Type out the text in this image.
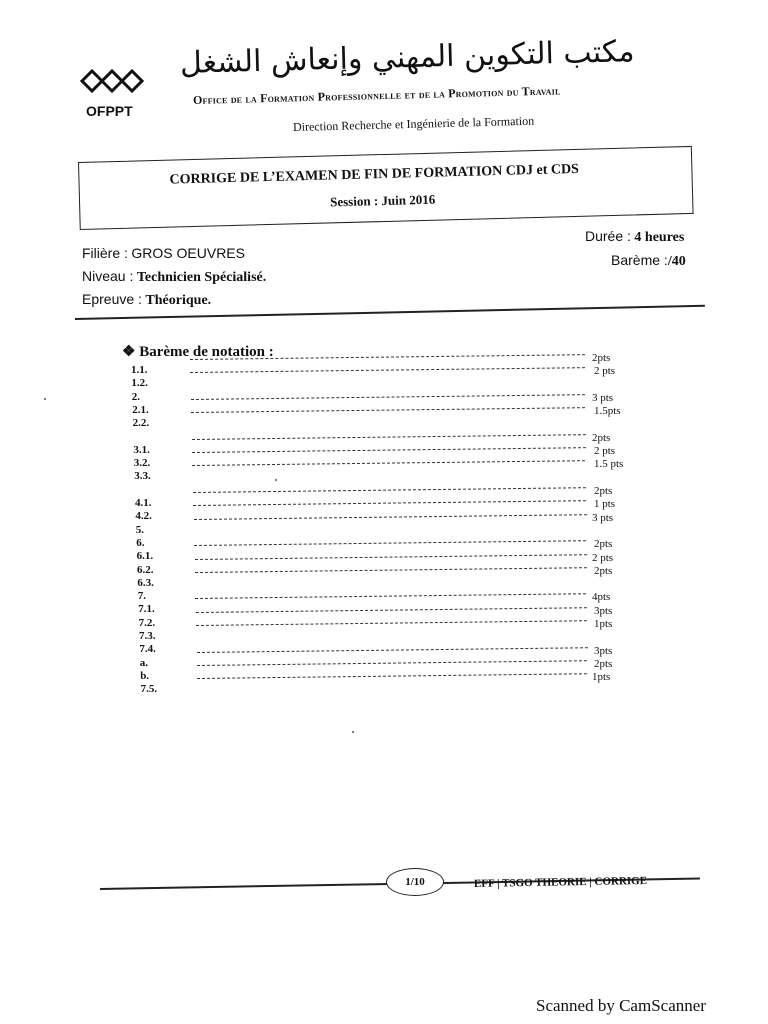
OFPPT
مكتب التكوين المهني وإنعاش الشغل
Office de la Formation Professionnelle et de la Promotion du Travail
Direction Recherche et Ingénierie de la Formation
CORRIGE DE L’EXAMEN DE FIN DE FORMATION CDJ et CDS
Session : Juin 2016
Filière : GROS OEUVRES
Niveau : Technicien Spécialisé.
Epreuve : Théorique.
Durée : 4 heures
Barème :/40
❖ Barème de notation :
1.1.
2pts
1.2.
2 pts
2.
2.1.
3 pts
2.2.
1.5pts
3.1.
2pts
3.2.
2 pts
3.3.
1.5 pts
4.1.
2pts
4.2.
1 pts
5.
3 pts
6.
6.1.
2pts
6.2.
2 pts
6.3.
2pts
7.
7.1.
4pts
7.2.
3pts
7.3.
1pts
7.4.
a.
3pts
b.
2pts
7.5.
1pts
1/10	EFF | TSGO THEORIE | CORRIGE
Scanned by CamScanner
